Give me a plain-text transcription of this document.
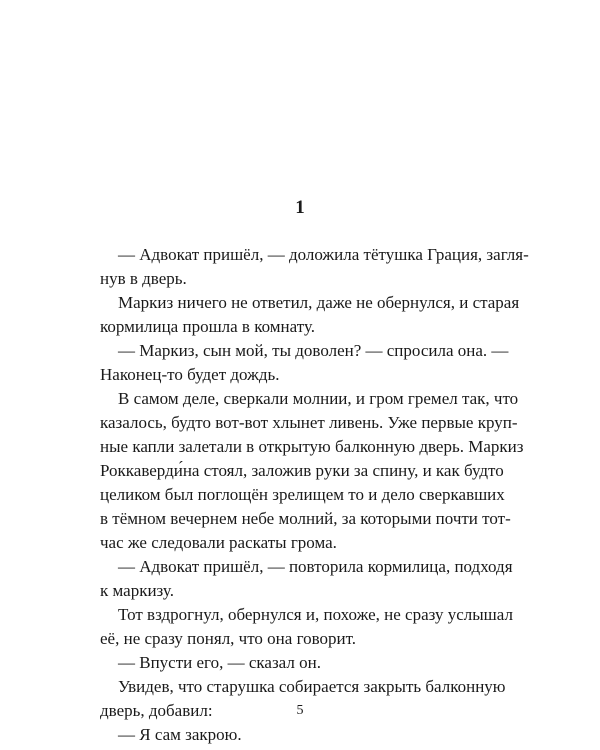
1
— Адвокат пришёл, — доложила тётушка Грация, загля-
нув в дверь.
Маркиз ничего не ответил, даже не обернулся, и старая
кормилица прошла в комнату.
— Маркиз, сын мой, ты доволен? — спросила она. —
Наконец-то будет дождь.
В самом деле, сверкали молнии, и гром гремел так, что
казалось, будто вот-вот хлынет ливень. Уже первые круп-
ные капли залетали в открытую балконную дверь. Маркиз
Роккаверди́на стоял, заложив руки за спину, и как будто
целиком был поглощён зрелищем то и дело сверкавших
в тёмном вечернем небе молний, за которыми почти тот-
час же следовали раскаты грома.
— Адвокат пришёл, — повторила кормилица, подходя
к маркизу.
Тот вздрогнул, обернулся и, похоже, не сразу услышал
её, не сразу понял, что она говорит.
— Впусти его, — сказал он.
Увидев, что старушка собирается закрыть балконную
дверь, добавил:
— Я сам закрою.
5
